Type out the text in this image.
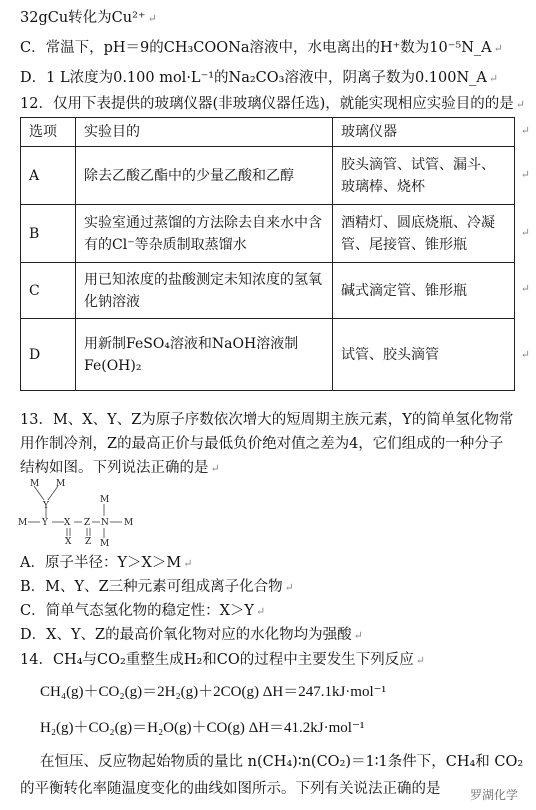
32gCu转化为Cu²⁺ ↵
C．常温下，pH＝9的CH₃COONa溶液中，水电离出的H⁺数为10⁻⁵N_A ↵
D．1 L浓度为0.100 mol·L⁻¹的Na₂CO₃溶液中，阴离子数为0.100N_A ↵
12．仅用下表提供的玻璃仪器(非玻璃仪器任选)，就能实现相应实验目的的是 ↵
选项	实验目的	玻璃仪器
A	除去乙酸乙酯中的少量乙酸和乙醇	胶头滴管、试管、漏斗、玻璃棒、烧杯
B	实验室通过蒸馏的方法除去自来水中含有的Cl⁻等杂质制取蒸馏水	酒精灯、圆底烧瓶、冷凝管、尾接管、锥形瓶
C	用已知浓度的盐酸测定未知浓度的氢氧化钠溶液	碱式滴定管、锥形瓶
D	用新制FeSO₄溶液和NaOH溶液制Fe(OH)₂	试管、胶头滴管
↵
↵
↵
↵
↵
13．M、X、Y、Z为原子序数依次增大的短周期主族元素，Y的简单氢化物常
用作制冷剂，Z的最高正价与最低负价绝对值之差为4，它们组成的一种分子
结构如图。下列说法正确的是 ↵
M M
Y
M Y X Z N M
M
M
X Z
A．原子半径：Y＞X＞M ↵
B．M、Y、Z三种元素可组成离子化合物 ↵
C．简单气态氢化物的稳定性：X＞Y ↵
D．X、Y、Z的最高价氧化物对应的水化物均为强酸 ↵
14．CH₄与CO₂重整生成H₂和CO的过程中主要发生下列反应 ↵
CH₄(g)＋CO₂(g)＝2H₂(g)＋2CO(g) ΔH＝247.1kJ·mol⁻¹
H₂(g)＋CO₂(g)＝H₂O(g)＋CO(g) ΔH＝41.2kJ·mol⁻¹
在恒压、反应物起始物质的量比 n(CH₄)∶n(CO₂)＝1∶1条件下，CH₄和 CO₂
的平衡转化率随温度变化的曲线如图所示。下列有关说法正确的是	罗湖化学
